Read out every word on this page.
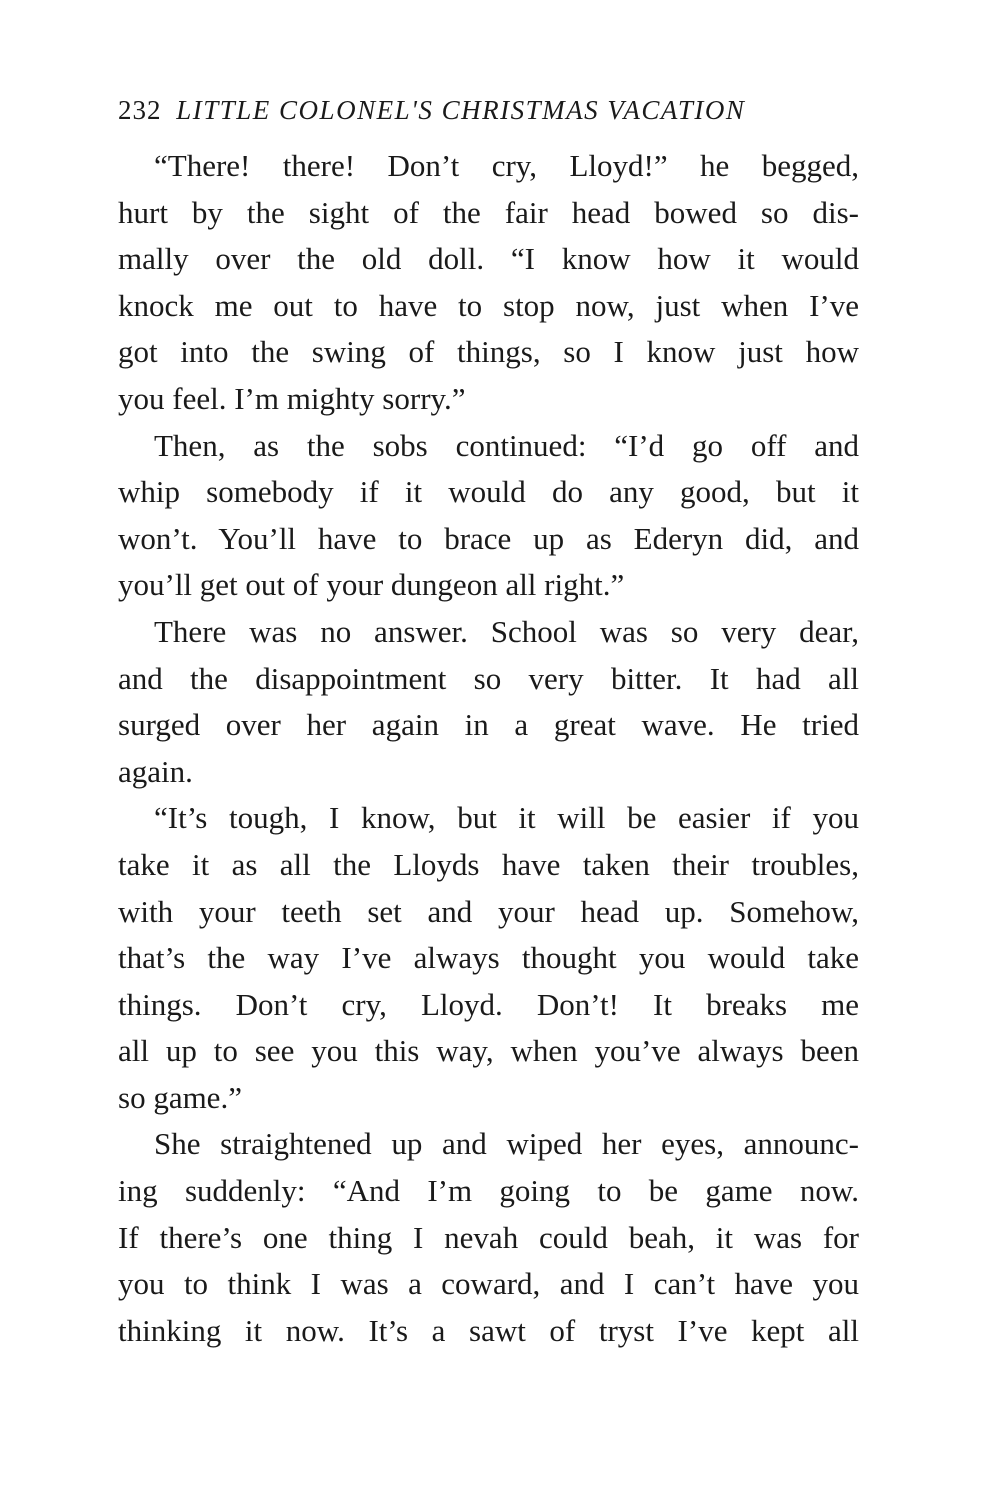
232 LITTLE COLONEL'S CHRISTMAS VACATION
“There! there! Don’t cry, Lloyd!” he begged,
hurt by the sight of the fair head bowed so dis-
mally over the old doll. “I know how it would
knock me out to have to stop now, just when I’ve
got into the swing of things, so I know just how
you feel. I’m mighty sorry.”
Then, as the sobs continued: “I’d go off and
whip somebody if it would do any good, but it
won’t. You’ll have to brace up as Ederyn did, and
you’ll get out of your dungeon all right.”
There was no answer. School was so very dear,
and the disappointment so very bitter. It had all
surged over her again in a great wave. He tried
again.
“It’s tough, I know, but it will be easier if you
take it as all the Lloyds have taken their troubles,
with your teeth set and your head up. Somehow,
that’s the way I’ve always thought you would take
things. Don’t cry, Lloyd. Don’t! It breaks me
all up to see you this way, when you’ve always been
so game.”
She straightened up and wiped her eyes, announc-
ing suddenly: “And I’m going to be game now.
If there’s one thing I nevah could beah, it was for
you to think I was a coward, and I can’t have you
thinking it now. It’s a sawt of tryst I’ve kept all
